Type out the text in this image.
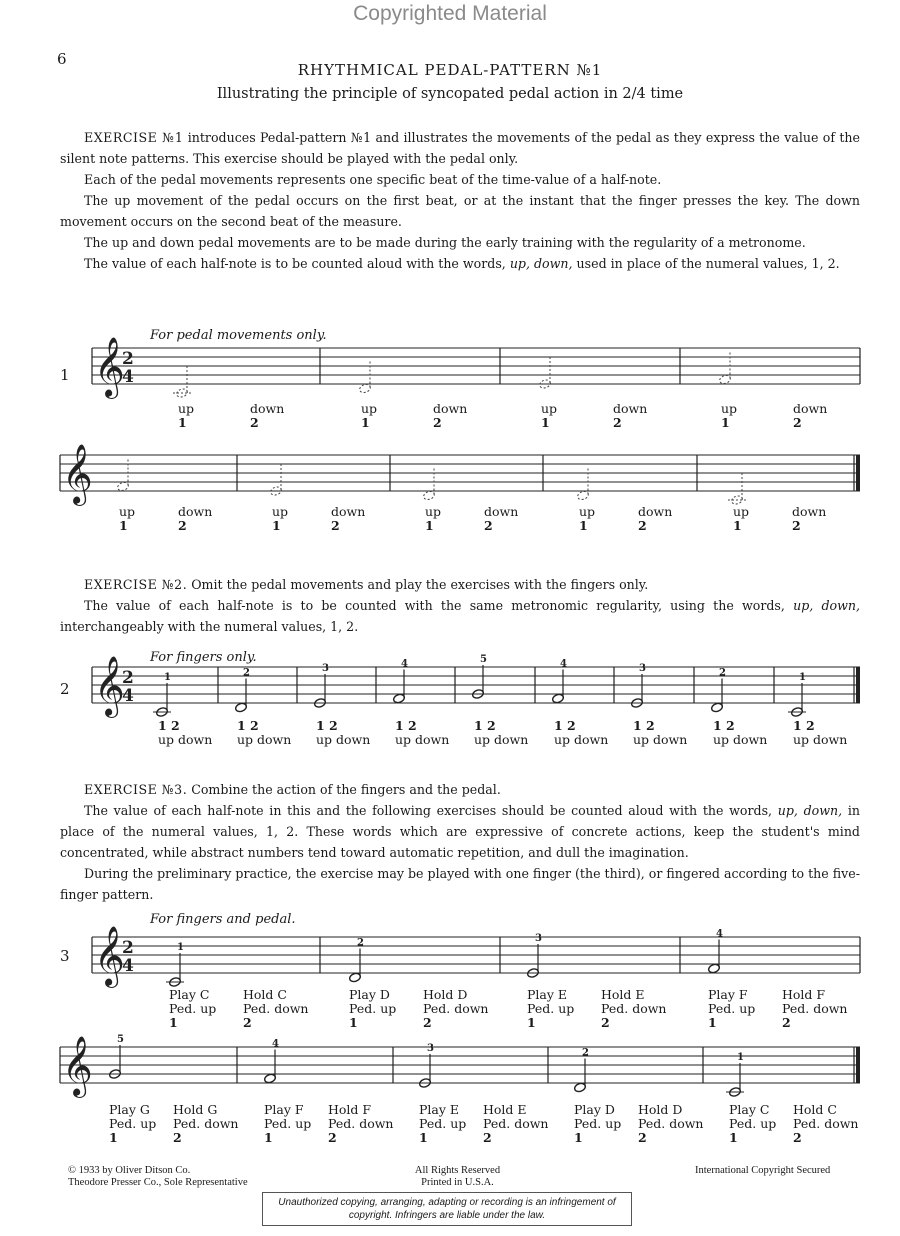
Copyrighted Material
6
RHYTHMICAL PEDAL-PATTERN №1
Illustrating the principle of syncopated pedal action in 2/4 time
EXERCISE №1 introduces Pedal-pattern №1 and illustrates the movements of the pedal as they express the value of the silent note patterns. This exercise should be played with the pedal only.
Each of the pedal movements represents one specific beat of the time-value of a half-note.
The up movement of the pedal occurs on the first beat, or at the instant that the finger presses the key. The down movement occurs on the second beat of the measure.
The up and down pedal movements are to be made during the early training with the regularity of a metronome.
The value of each half-note is to be counted aloud with the words, up, down, used in place of the numeral values, 1, 2.
EXERCISE №2. Omit the pedal movements and play the exercises with the fingers only.
The value of each half-note is to be counted with the same metronomic regularity, using the words, up, down, interchangeably with the numeral values, 1, 2.
EXERCISE №3. Combine the action of the fingers and the pedal.
The value of each half-note in this and the following exercises should be counted aloud with the words, up, down, in place of the numeral values, 1, 2. These words which are expressive of concrete actions, keep the student's mind concentrated, while abstract numbers tend toward automatic repetition, and dull the imagination.
During the preliminary practice, the exercise may be played with one finger (the third), or fingered according to the five-finger pattern.
𝄞
2
4
𝄞
𝄞
2
4
1	2	3	4	5	4	3	2	1
𝄞
2
4
1	2	3	4
𝄞 5	4	3	2	1
For pedal movements only.
1
up
1
down
2
up
1
down
2
up
1
down
2
up
1
down
2
up
1
down
2
up
1
down
2
up
1
down
2
up
1
down
2
up
1
down
2
For fingers only.
2
1 2
up down
1 2
up down
1 2
up down
1 2
up down
1 2
up down
1 2
up down
1 2
up down
1 2
up down
1 2
up down
For fingers and pedal.
3
Play C
Ped. up
1
Hold C
Ped. down
2
Play D
Ped. up
1
Hold D
Ped. down
2
Play E
Ped. up
1
Hold E
Ped. down
2
Play F
Ped. up
1
Hold F
Ped. down
2
Play G
Ped. up
1
Hold G
Ped. down
2
Play F
Ped. up
1
Hold F
Ped. down
2
Play E
Ped. up
1
Hold E
Ped. down
2
Play D
Ped. up
1
Hold D
Ped. down
2
Play C
Ped. up
1
Hold C
Ped. down
2
© 1933 by Oliver Ditson Co.
Theodore Presser Co., Sole Representative
All Rights Reserved
Printed in U.S.A.
International Copyright Secured
Unauthorized copying, arranging, adapting or recording is an infringement of copyright. Infringers are liable under the law.
